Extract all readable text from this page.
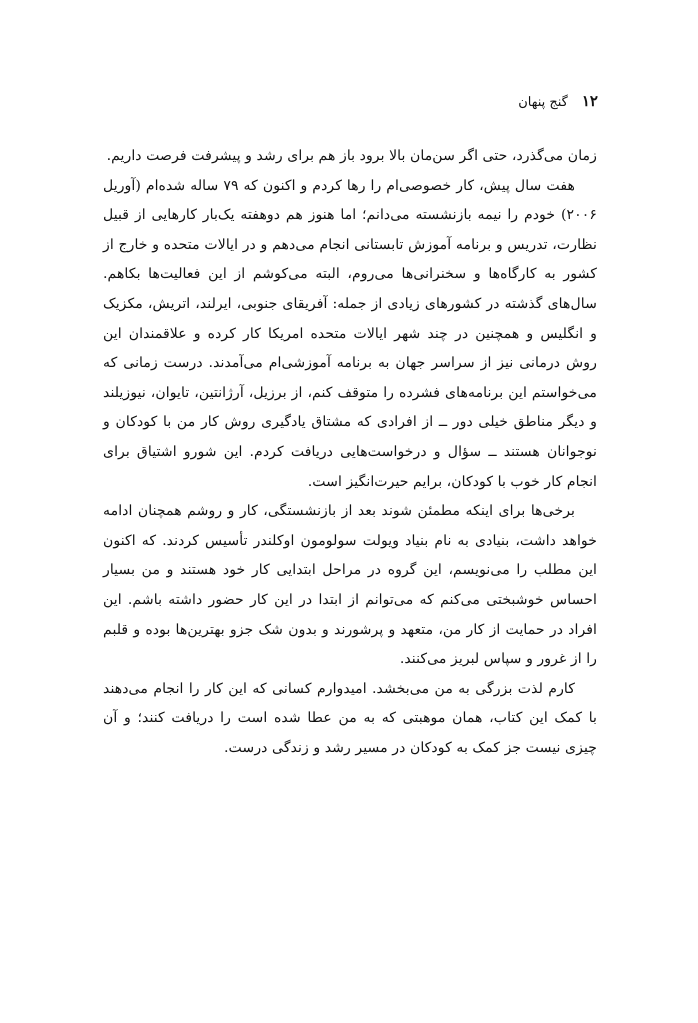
۱۲
گنج پنهان

زمان می‌گذرد، حتی اگر سن‌مان بالا برود باز هم برای رشد و پیشرفت فرصت داریم.

هفت سال پیش، کار خصوصی‌ام را رها کردم و اکنون که ۷۹ ساله شده‌ام (آوریل ۲۰۰۶) خودم را نیمه بازنشسته می‌دانم؛ اما هنوز هم دوهفته یک‌بار کارهایی از قبیل نظارت، تدریس و برنامه آموزش تابستانی انجام می‌دهم و در ایالات متحده و خارج از کشور به کارگاه‌ها و سخنرانی‌ها می‌روم، البته می‌کوشم از این فعالیت‌ها بکاهم. سال‌های گذشته در کشورهای زیادی از جمله: آفریقای جنوبی، ایرلند، اتریش، مکزیک و انگلیس و همچنین در چند شهر ایالات متحده امریکا کار کرده و علاقمندان این روش درمانی نیز از سراسر جهان به برنامه آموزشی‌ام می‌آمدند. درست زمانی که می‌خواستم این برنامه‌های فشرده را متوقف کنم، از برزیل، آرژانتین، تایوان، نیوزیلند و دیگر مناطق خیلی دور ــ از افرادی که مشتاق یادگیری روش کار من با کودکان و نوجوانان هستند ــ سؤال و درخواست‌هایی دریافت کردم. این شورو اشتیاق برای انجام کار خوب با کودکان، برایم حیرت‌انگیز است.

برخی‌ها برای اینکه مطمئن شوند بعد از بازنشستگی، کار و روشم همچنان ادامه خواهد داشت، بنیادی به نام بنیاد ویولت سولومون اوکلندر تأسیس کردند. که اکنون این مطلب را می‌نویسم، این گروه در مراحل ابتدایی کار خود هستند و من بسیار احساس خوشبختی می‌کنم که می‌توانم از ابتدا در این کار حضور داشته باشم. این افراد در حمایت از کار من، متعهد و پرشورند و بدون شک جزو بهترین‌ها بوده و قلبم را از غرور و سپاس لبریز می‌کنند.

کارم لذت بزرگی به من می‌بخشد. امیدوارم کسانی که این کار را انجام می‌دهند با کمک این کتاب، همان موهبتی که به من عطا شده است را دریافت کنند؛ و آن چیزی نیست جز کمک به کودکان در مسیر رشد و زندگی درست.
